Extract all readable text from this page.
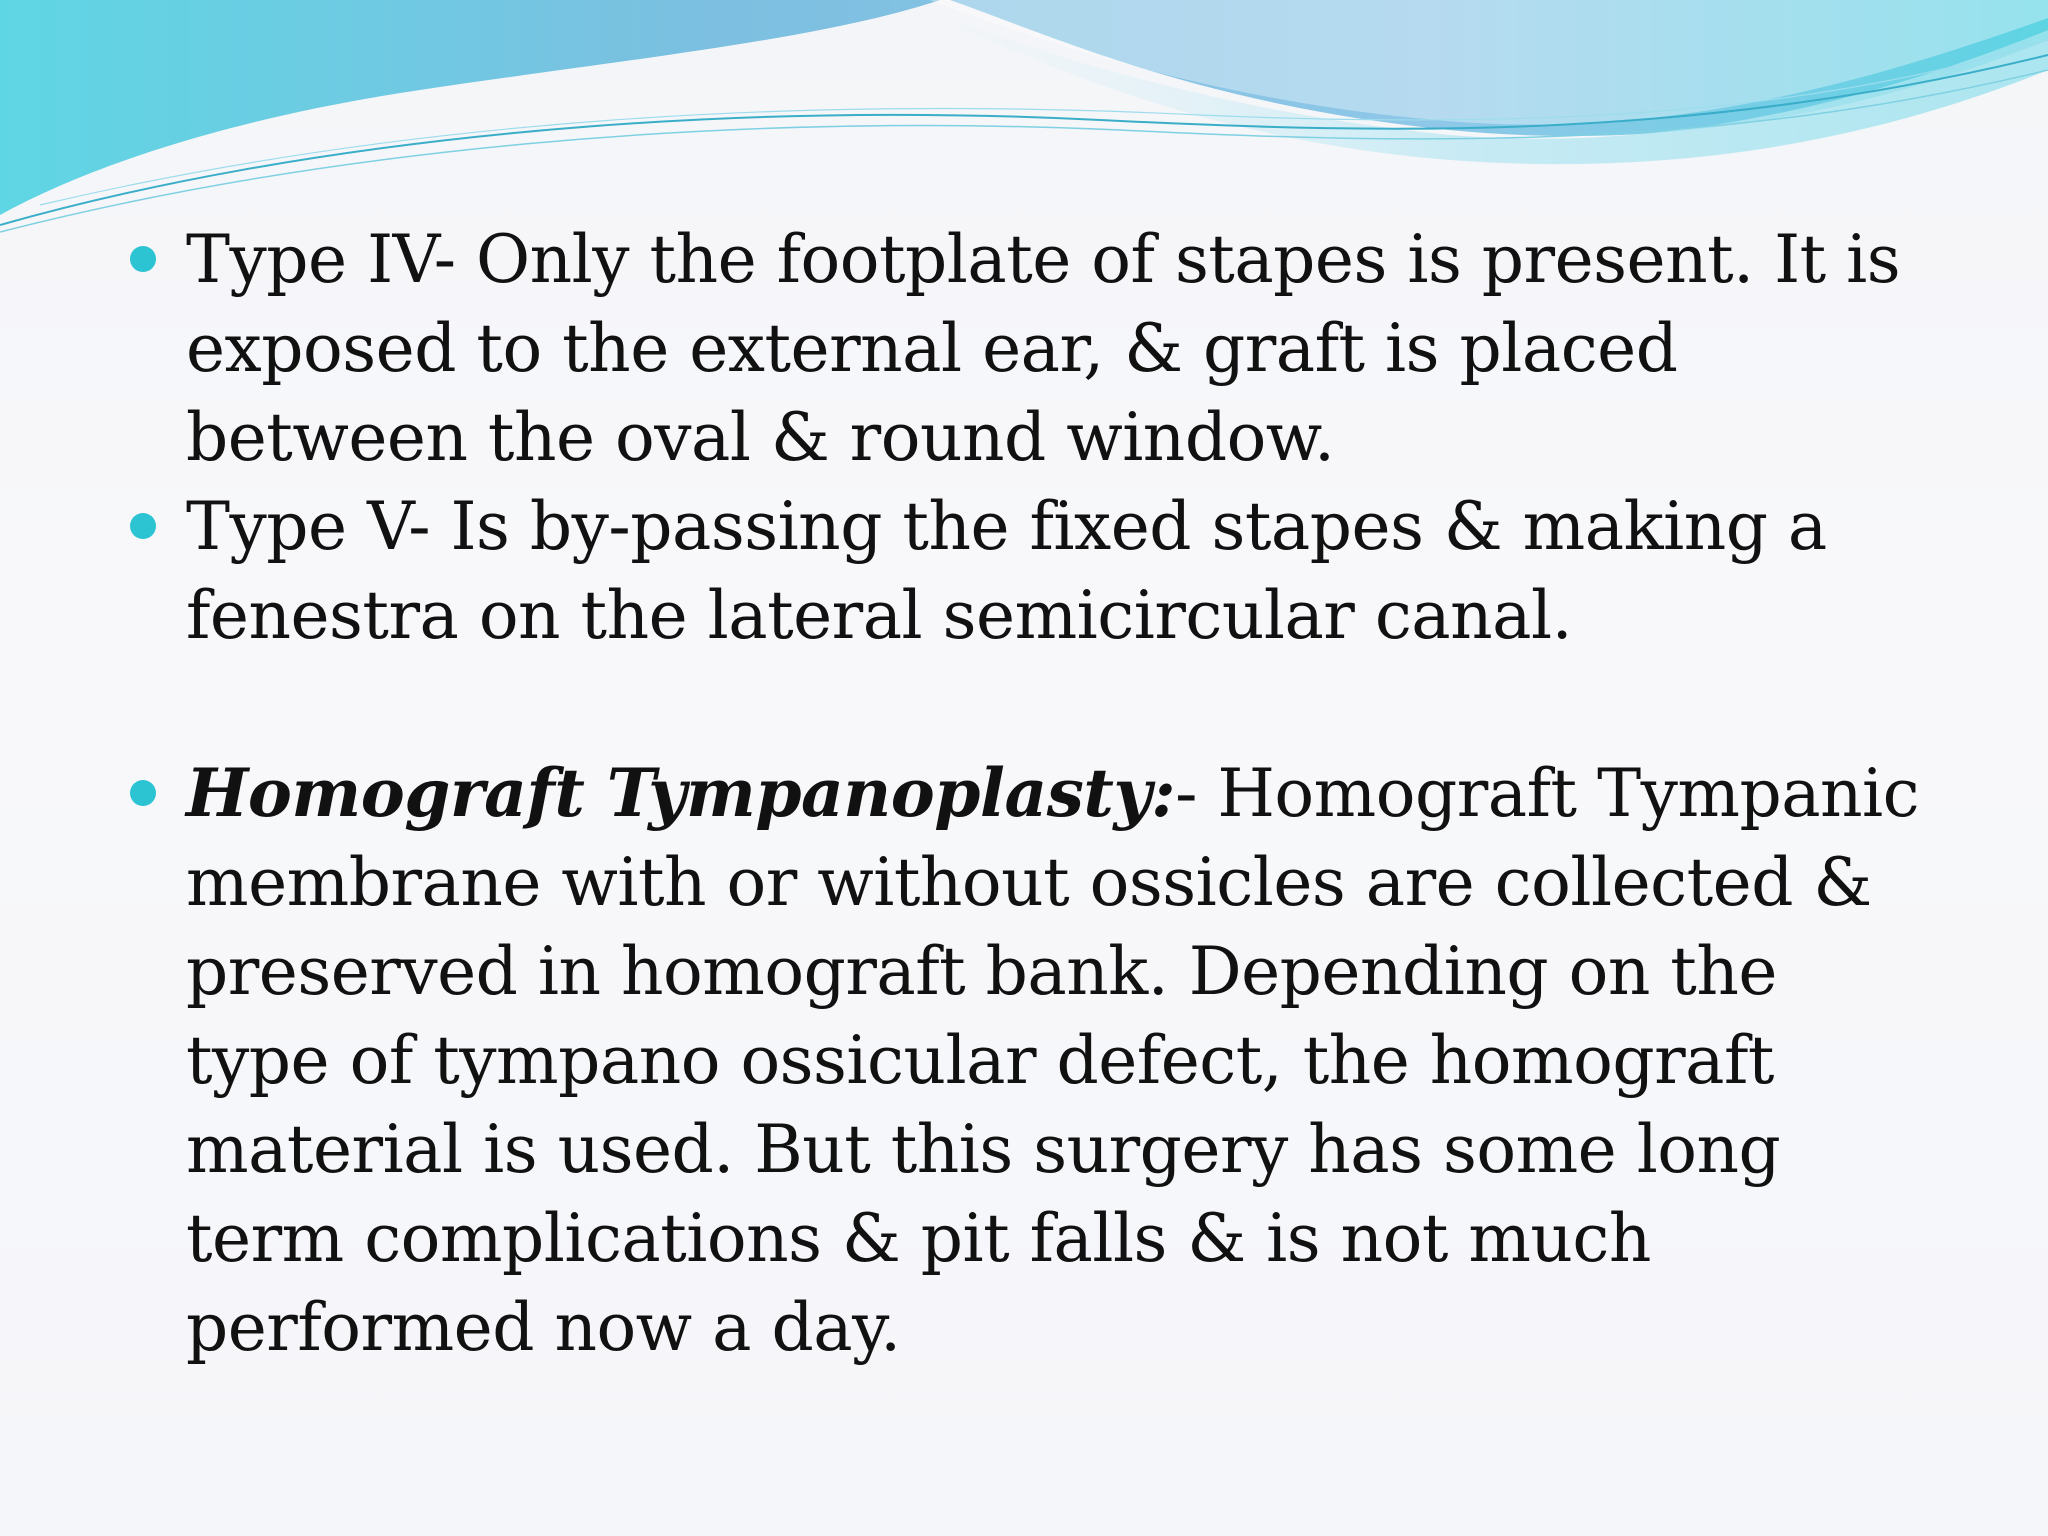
Type IV- Only the footplate of stapes is present. It is exposed to the external ear, & graft is placed between the oval & round window.
Type V- Is by-passing the fixed stapes & making a fenestra on the lateral semicircular canal.
Homograft Tympanoplasty:- Homograft Tympanic membrane with or without ossicles are collected & preserved in homograft bank. Depending on the type of tympano ossicular defect, the homograft material is used. But this surgery has some long term complications & pit falls & is not much performed now a day.
